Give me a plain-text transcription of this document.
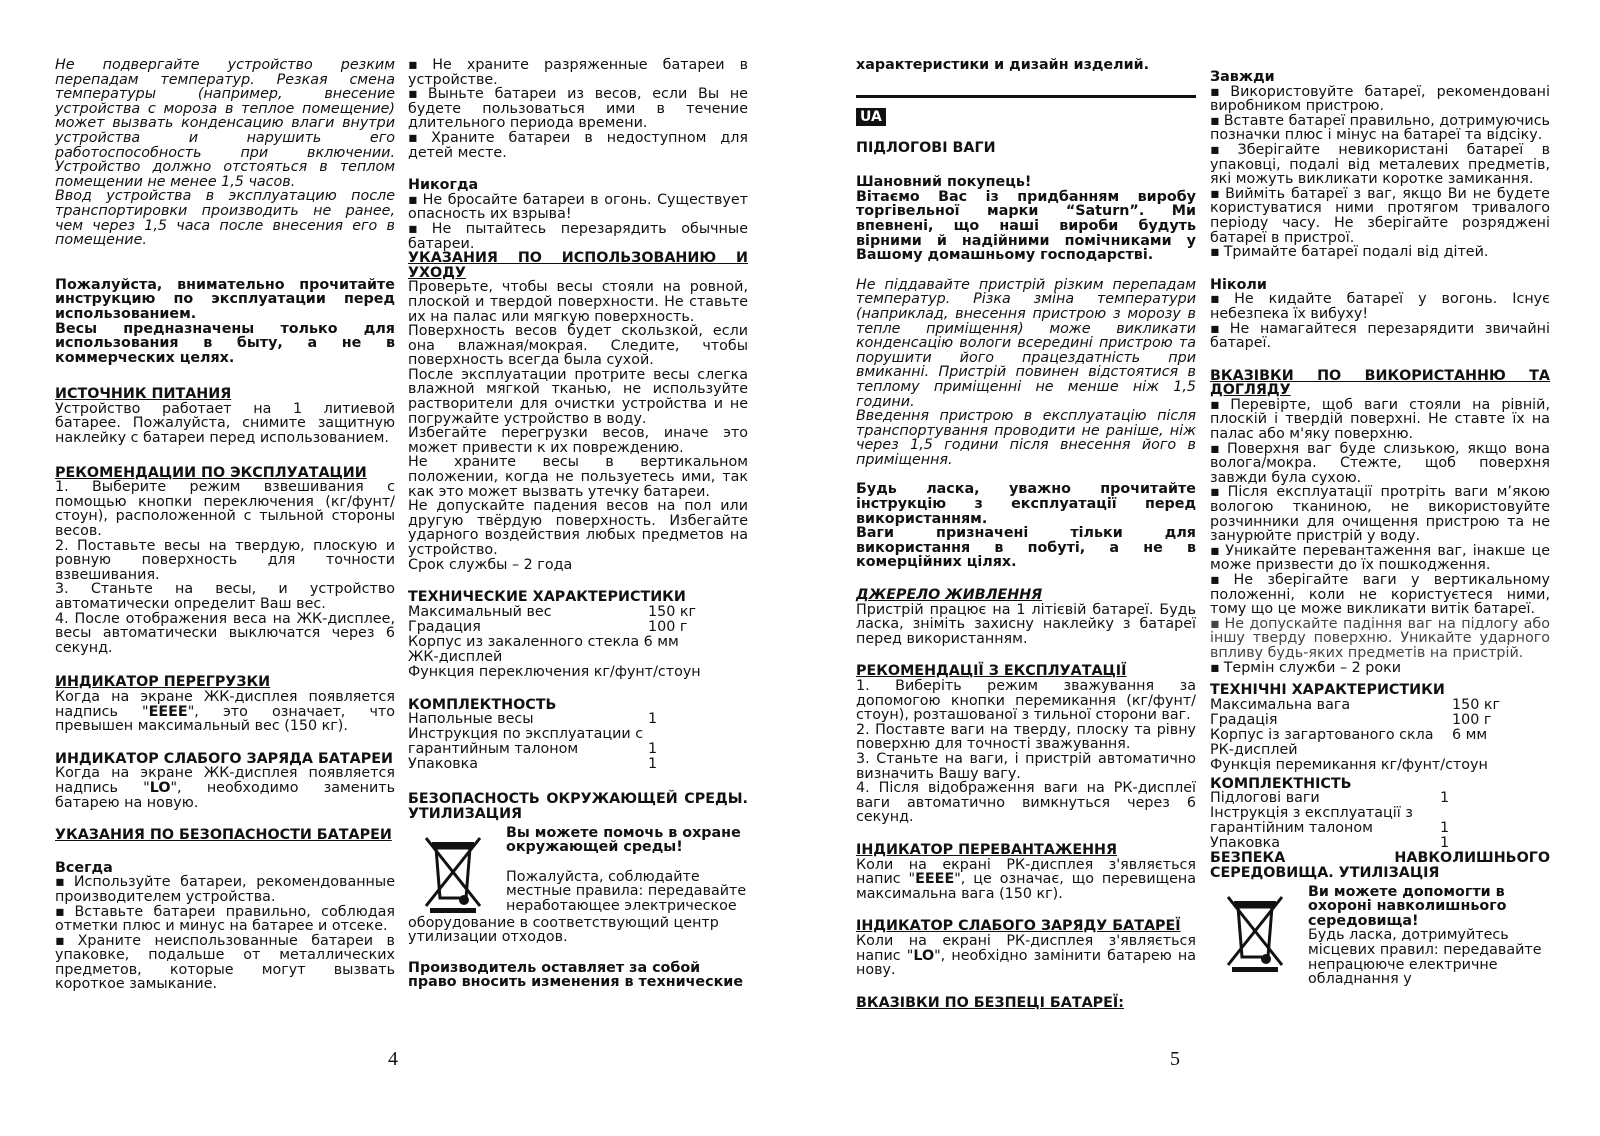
Не подвергайте устройство резким перепадам температур. Резкая смена температуры (например, внесение устройства с мороза в теплое помещение) может вызвать конденсацию влаги внутри устройства и нарушить его работоспособность при включении. Устройство должно отстояться в теплом помещении не менее 1,5 часов.

Ввод устройства в эксплуатацию после транспортировки производить не ранее, чем через 1,5 часа после внесения его в помещение.

Пожалуйста, внимательно прочитайте инструкцию по эксплуатации перед использованием.

Весы предназначены только для использования в быту, а не в коммерческих целях.

ИСТОЧНИК ПИТАНИЯ

Устройство работает на 1 литиевой батарее. Пожалуйста, снимите защитную наклейку с батареи перед использованием.

РЕКОМЕНДАЦИИ ПО ЭКСПЛУАТАЦИИ

1. Выберите режим взвешивания с помощью кнопки переключения (кг/фунт/стоун), расположенной с тыльной стороны весов.

2. Поставьте весы на твердую, плоскую и ровную поверхность для точности взвешивания.

3. Станьте на весы, и устройство автоматически определит Ваш вес.

4. После отображения веса на ЖК-дисплее, весы автоматически выключатся через 6 секунд.

ИНДИКАТОР ПЕРЕГРУЗКИ

Когда на экране ЖК-дисплея появляется надпись "EEEE", это означает, что превышен максимальный вес (150 кг).

ИНДИКАТОР СЛАБОГО ЗАРЯДА БАТАРЕИ

Когда на экране ЖК-дисплея появляется надпись "LO", необходимо заменить батарею на новую.

УКАЗАНИЯ ПО БЕЗОПАСНОСТИ БАТАРЕИ

Всегда

▪ Используйте батареи, рекомендованные производителем устройства.

▪ Вставьте батареи правильно, соблюдая отметки плюс и минус на батарее и отсеке.

▪ Храните неиспользованные батареи в упаковке, подальше от металлических предметов, которые могут вызвать короткое замыкание.

▪ Не храните разряженные батареи в устройстве.

▪ Выньте батареи из весов, если Вы не будете пользоваться ими в течение длительного периода времени.

▪ Храните батареи в недоступном для детей месте.

Никогда

▪ Не бросайте батареи в огонь. Существует опасность их взрыва!

▪ Не пытайтесь перезарядить обычные батареи.

УКАЗАНИЯ ПО ИСПОЛЬЗОВАНИЮ И УХОДУ

Проверьте, чтобы весы стояли на ровной, плоской и твердой поверхности. Не ставьте их на палас или мягкую поверхность.

Поверхность весов будет скользкой, если она влажная/мокрая. Следите, чтобы поверхность всегда была сухой.

После эксплуатации протрите весы слегка влажной мягкой тканью, не используйте растворители для очистки устройства и не погружайте устройство в воду.

Избегайте перегрузки весов, иначе это может привести к их повреждению.

Не храните весы в вертикальном положении, когда не пользуетесь ими, так как это может вызвать утечку батареи.

Не допускайте падения весов на пол или другую твёрдую поверхность. Избегайте ударного воздействия любых предметов на устройство.

Срок службы – 2 года

ТЕХНИЧЕСКИЕ ХАРАКТЕРИСТИКИ

Максимальный вес	150 кг
Градация	100 г
Корпус из закаленного стекла 6 мм	
ЖК-дисплей	
Функция переключения кг/фунт/стоун	

КОМПЛЕКТНОСТЬ

Напольные весы	1
Инструкция по эксплуатации с гарантийным талоном	1
Упаковка	1

БЕЗОПАСНОСТЬ ОКРУЖАЮЩЕЙ СРЕДЫ. УТИЛИЗАЦИЯ

Вы можете помочь в охране окружающей среды!

Пожалуйста, соблюдайте местные правила: передавайте неработающее электрическое

оборудование в соответствующий центр утилизации отходов.

Производитель оставляет за собой право вносить изменения в технические

4

характеристики и дизайн изделий.

UA

ПІДЛОГОВІ ВАГИ

Шановний покупець!

Вітаємо Вас із придбанням виробу торгівельної марки “Saturn”. Ми впевнені, що наші вироби будуть вірними й надійними помічниками у Вашому домашньому господарстві.

Не піддавайте пристрій різким перепадам температур. Різка зміна температури (наприклад, внесення пристрою з морозу в тепле приміщення) може викликати конденсацію вологи всередині пристрою та порушити його працездатність при вмиканні. Пристрій повинен відстоятися в теплому приміщенні не менше ніж 1,5 години.

Введення пристрою в експлуатацію після транспортування проводити не раніше, ніж через 1,5 години після внесення його в приміщення.

Будь ласка, уважно прочитайте інструкцію з експлуатації перед використанням.

Ваги призначені тільки для використання в побуті, а не в комерційних цілях.

ДЖЕРЕЛО ЖИВЛЕННЯ

Пристрій працює на 1 літієвій батареї. Будь ласка, зніміть захисну наклейку з батареї перед використанням.

РЕКОМЕНДАЦІЇ З ЕКСПЛУАТАЦІЇ

1. Виберіть режим зважування за допомогою кнопки перемикання (кг/фунт/стоун), розташованої з тильної сторони ваг.

2. Поставте ваги на тверду, плоску та рівну поверхню для точності зважування.

3. Станьте на ваги, і пристрій автоматично визначить Вашу вагу.

4. Після відображення ваги на РК-дисплеї ваги автоматично вимкнуться через 6 секунд.

ІНДИКАТОР ПЕРЕВАНТАЖЕННЯ

Коли на екрані РК-дисплея з'являється напис "EEEE", це означає, що перевищена максимальна вага (150 кг).

ІНДИКАТОР СЛАБОГО ЗАРЯДУ БАТАРЕЇ

Коли на екрані РК-дисплея з'являється напис "LO", необхідно замінити батарею на нову.

ВКАЗІВКИ ПО БЕЗПЕЦІ БАТАРЕЇ:

5

Завжди

▪ Використовуйте батареї, рекомендовані виробником пристрою.

▪ Вставте батареї правильно, дотримуючись позначки плюс і мінус на батареї та відсіку.

▪ Зберігайте невикористані батареї в упаковці, подалі від металевих предметів, які можуть викликати коротке замикання.

▪ Вийміть батареї з ваг, якщо Ви не будете користуватися ними протягом тривалого періоду часу. Не зберігайте розряджені батареї в пристрої.

▪ Тримайте батареї подалі від дітей.

Ніколи

▪ Не кидайте батареї у вогонь. Існує небезпека їх вибуху!

▪ Не намагайтеся перезарядити звичайні батареї.

ВКАЗІВКИ ПО ВИКОРИСТАННЮ ТА ДОГЛЯДУ

▪ Перевірте, щоб ваги стояли на рівній, плоскій і твердій поверхні. Не ставте їх на палас або м'яку поверхню.

▪ Поверхня ваг буде слизькою, якщо вона волога/мокра. Стежте, щоб поверхня завжди була сухою.

▪ Після експлуатації протріть ваги м’якою вологою тканиною, не використовуйте розчинники для очищення пристрою та не занурюйте пристрій у воду.

▪ Уникайте перевантаження ваг, інакше це може призвести до їх пошкодження.

▪ Не зберігайте ваги у вертикальному положенні, коли не користуєтеся ними, тому що це може викликати витік батареї.

▪ Не допускайте падіння ваг на підлогу або іншу тверду поверхню. Уникайте ударного впливу будь-яких предметів на пристрій.

▪ Термін служби – 2 роки

ТЕХНІЧНІ ХАРАКТЕРИСТИКИ

Максимальна вага	150 кг
Градація	100 г
Корпус із загартованого скла	6 мм
РК-дисплей	
Функція перемикання кг/фунт/стоун	

КОМПЛЕКТНІСТЬ

Підлогові ваги	1
Інструкція з експлуатації з гарантійним талоном	1
Упаковка	1

БЕЗПЕКА НАВКОЛИШНЬОГО СЕРЕДОВИЩА. УТИЛІЗАЦІЯ

Ви можете допомогти в охороні навколишнього середовища!

Будь ласка, дотримуйтесь місцевих правил: передавайте непрацююче електричне обладнання у
